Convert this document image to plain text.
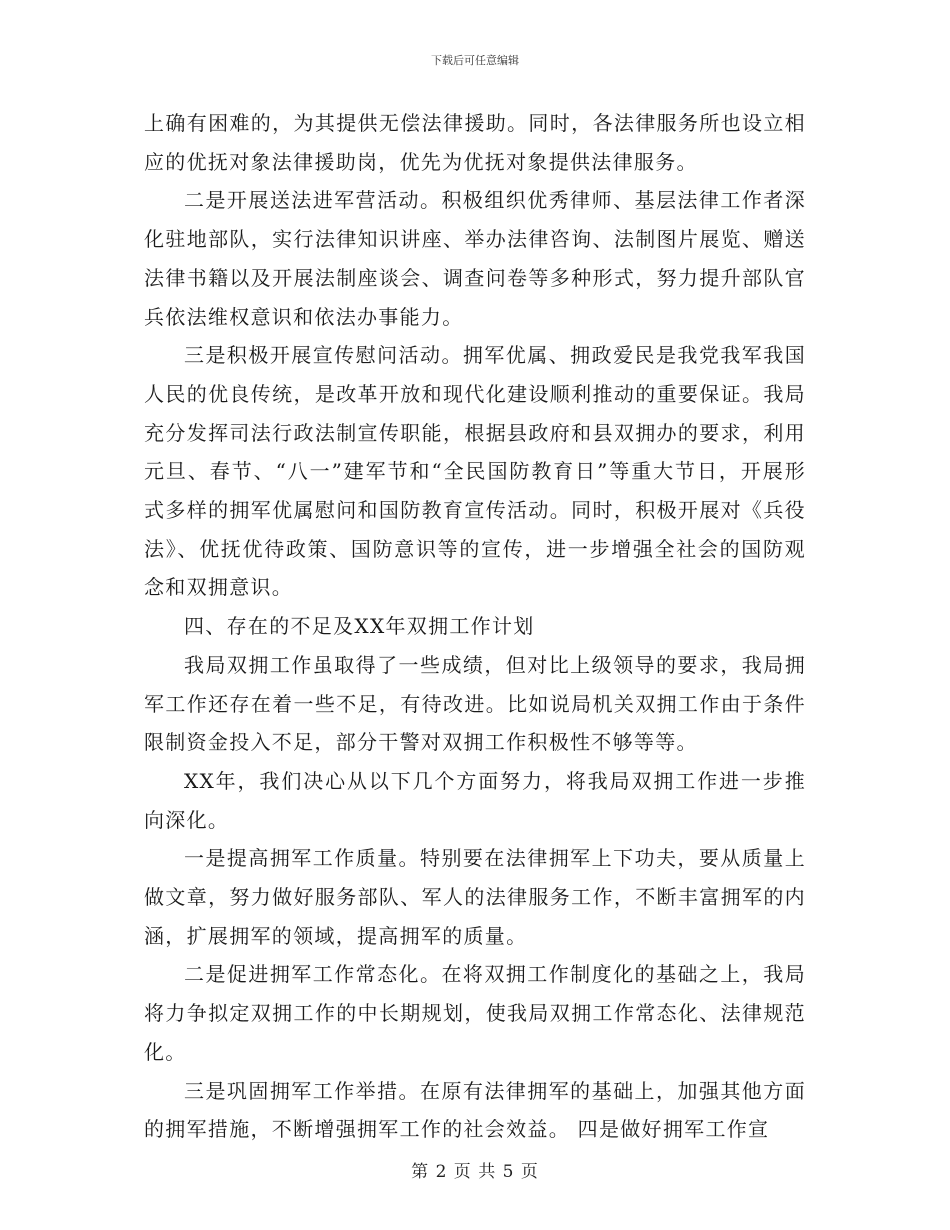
下载后可任意编辑

上确有困难的，为其提供无偿法律援助。同时，各法律服务所也设立相应的优抚对象法律援助岗，优先为优抚对象提供法律服务。

二是开展送法进军营活动。积极组织优秀律师、基层法律工作者深化驻地部队，实行法律知识讲座、举办法律咨询、法制图片展览、赠送法律书籍以及开展法制座谈会、调查问卷等多种形式，努力提升部队官兵依法维权意识和依法办事能力。

三是积极开展宣传慰问活动。拥军优属、拥政爱民是我党我军我国人民的优良传统，是改革开放和现代化建设顺利推动的重要保证。我局充分发挥司法行政法制宣传职能，根据县政府和县双拥办的要求，利用元旦、春节、“八一”建军节和“全民国防教育日”等重大节日，开展形式多样的拥军优属慰问和国防教育宣传活动。同时，积极开展对《兵役法》、优抚优待政策、国防意识等的宣传，进一步增强全社会的国防观念和双拥意识。

四、存在的不足及XX年双拥工作计划

我局双拥工作虽取得了一些成绩，但对比上级领导的要求，我局拥军工作还存在着一些不足，有待改进。比如说局机关双拥工作由于条件限制资金投入不足，部分干警对双拥工作积极性不够等等。

XX年，我们决心从以下几个方面努力，将我局双拥工作进一步推向深化。

一是提高拥军工作质量。特别要在法律拥军上下功夫，要从质量上做文章，努力做好服务部队、军人的法律服务工作，不断丰富拥军的内涵，扩展拥军的领域，提高拥军的质量。

二是促进拥军工作常态化。在将双拥工作制度化的基础之上，我局将力争拟定双拥工作的中长期规划，使我局双拥工作常态化、法律规范化。

三是巩固拥军工作举措。在原有法律拥军的基础上，加强其他方面的拥军措施，不断增强拥军工作的社会效益。 四是做好拥军工作宣

第 2 页 共 5 页
